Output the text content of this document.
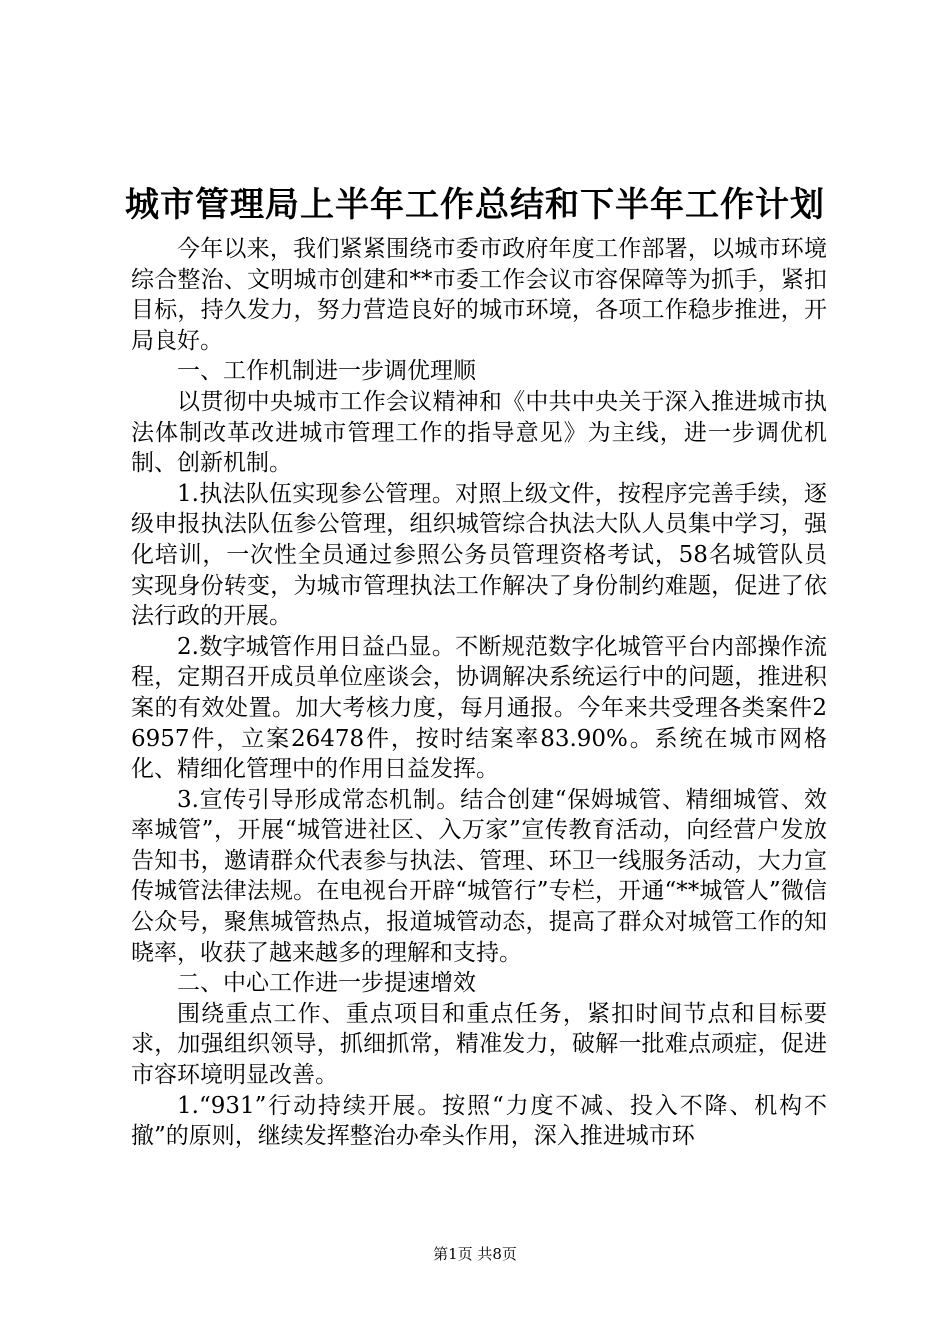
城市管理局上半年工作总结和下半年工作计划

今年以来，我们紧紧围绕市委市政府年度工作部署，以城市环境综合整治、文明城市创建和**市委工作会议市容保障等为抓手，紧扣目标，持久发力，努力营造良好的城市环境，各项工作稳步推进，开局良好。

一、工作机制进一步调优理顺

以贯彻中央城市工作会议精神和《中共中央关于深入推进城市执法体制改革改进城市管理工作的指导意见》为主线，进一步调优机制、创新机制。

1.执法队伍实现参公管理。对照上级文件，按程序完善手续，逐级申报执法队伍参公管理，组织城管综合执法大队人员集中学习，强化培训，一次性全员通过参照公务员管理资格考试，58名城管队员实现身份转变，为城市管理执法工作解决了身份制约难题，促进了依法行政的开展。

2.数字城管作用日益凸显。不断规范数字化城管平台内部操作流程，定期召开成员单位座谈会，协调解决系统运行中的问题，推进积案的有效处置。加大考核力度，每月通报。今年来共受理各类案件26957件，立案26478件，按时结案率83.90%。系统在城市网格化、精细化管理中的作用日益发挥。

3.宣传引导形成常态机制。结合创建“保姆城管、精细城管、效率城管”，开展“城管进社区、入万家”宣传教育活动，向经营户发放告知书，邀请群众代表参与执法、管理、环卫一线服务活动，大力宣传城管法律法规。在电视台开辟“城管行”专栏，开通“**城管人”微信公众号，聚焦城管热点，报道城管动态，提高了群众对城管工作的知晓率，收获了越来越多的理解和支持。

二、中心工作进一步提速增效

围绕重点工作、重点项目和重点任务，紧扣时间节点和目标要求，加强组织领导，抓细抓常，精准发力，破解一批难点顽症，促进市容环境明显改善。

1.“931”行动持续开展。按照“力度不减、投入不降、机构不撤”的原则，继续发挥整治办牵头作用，深入推进城市环

第1页 共8页
